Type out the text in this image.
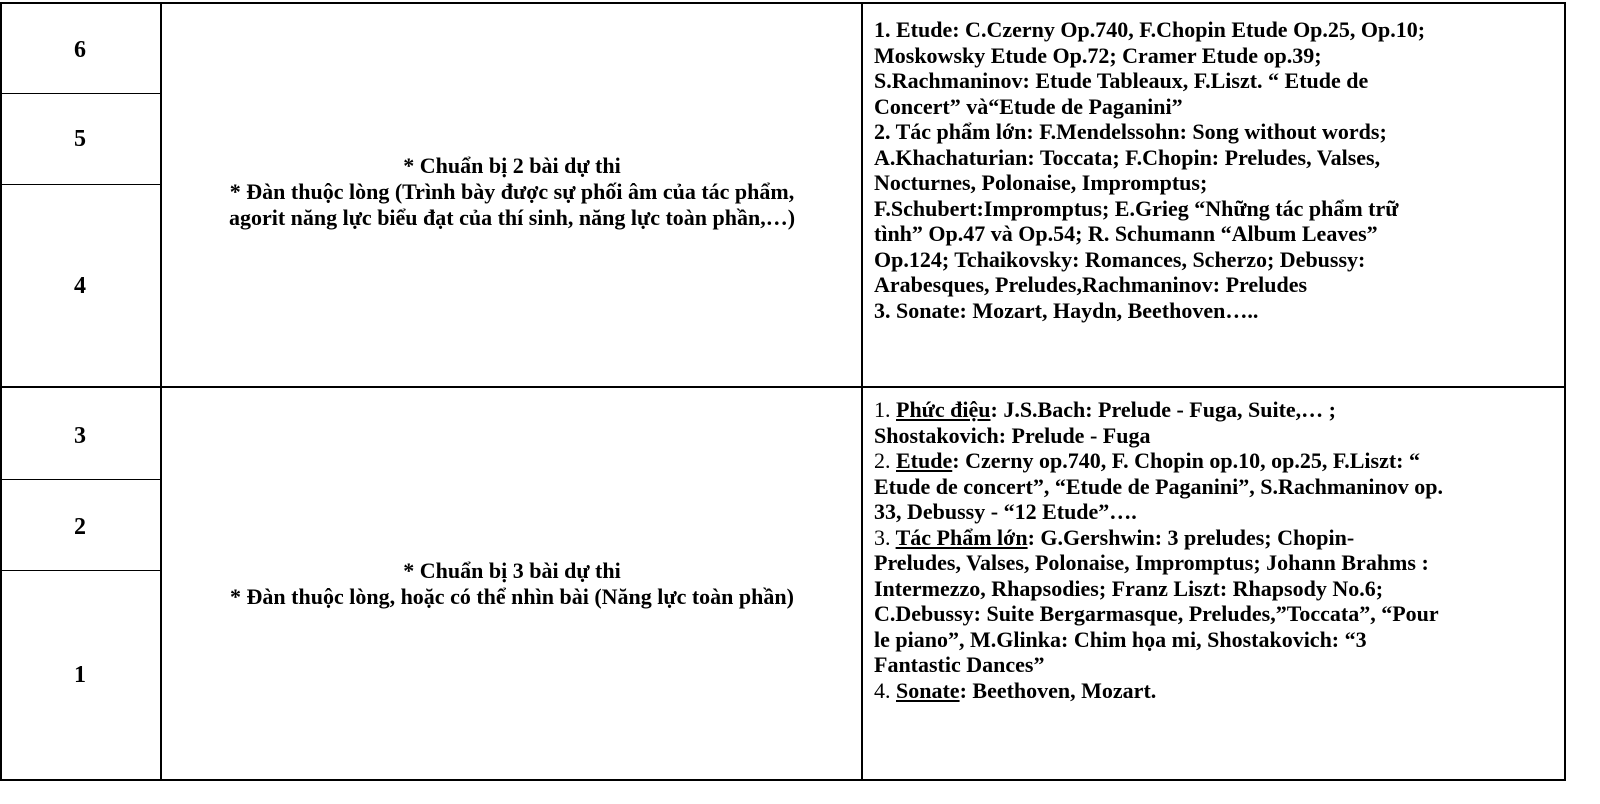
6
5
4
3
2
1
* Chuẩn bị 2 bài dự thi
* Đàn thuộc lòng (Trình bày được sự phối âm của tác phẩm,
agorit năng lực biểu đạt của thí sinh, năng lực toàn phần,…)
* Chuẩn bị 3 bài dự thi
* Đàn thuộc lòng, hoặc có thể nhìn bài (Năng lực toàn phần)
1. Etude: C.Czerny Op.740, F.Chopin Etude Op.25, Op.10;
Moskowsky Etude Op.72; Cramer Etude op.39;
S.Rachmaninov: Etude Tableaux, F.Liszt. “ Etude de
Concert” và“Etude de Paganini”
2. Tác phẩm lớn: F.Mendelssohn: Song without words;
A.Khachaturian: Toccata; F.Chopin: Preludes, Valses,
Nocturnes, Polonaise, Impromptus;
F.Schubert:Impromptus; E.Grieg “Những tác phẩm trữ
tình” Op.47 và Op.54; R. Schumann “Album Leaves”
Op.124; Tchaikovsky: Romances, Scherzo; Debussy:
Arabesques, Preludes,Rachmaninov: Preludes
3. Sonate: Mozart, Haydn, Beethoven…..
1. Phức điệu: J.S.Bach: Prelude - Fuga, Suite,… ;
Shostakovich: Prelude - Fuga
2. Etude: Czerny op.740, F. Chopin op.10, op.25, F.Liszt: “
Etude de concert”, “Etude de Paganini”, S.Rachmaninov op.
33, Debussy - “12 Etude”….
3. Tác Phẩm lớn: G.Gershwin: 3 preludes; Chopin-
Preludes, Valses, Polonaise, Impromptus; Johann Brahms :
Intermezzo, Rhapsodies; Franz Liszt: Rhapsody No.6;
C.Debussy: Suite Bergarmasque, Preludes,”Toccata”, “Pour
le piano”, M.Glinka: Chim họa mi, Shostakovich: “3
Fantastic Dances”
4. Sonate: Beethoven, Mozart.
